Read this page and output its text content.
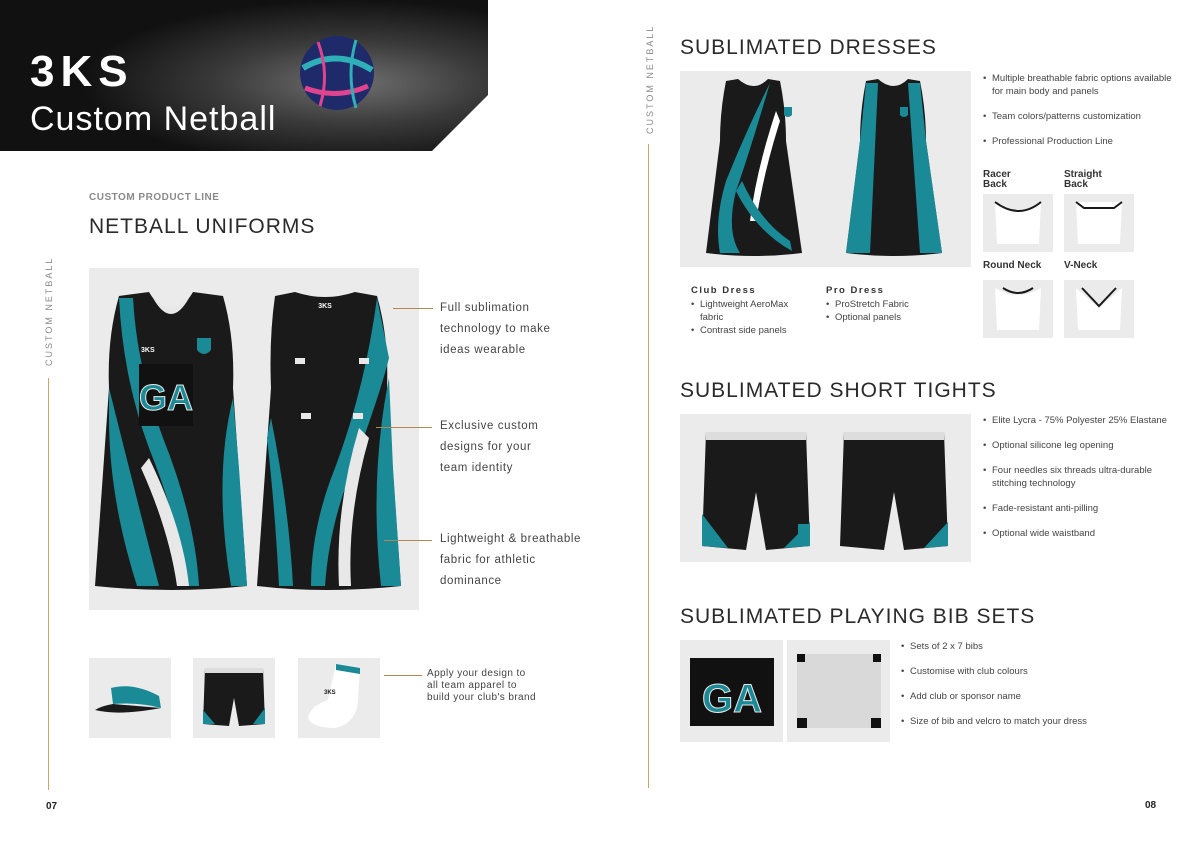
3KS
Custom Netball
CUSTOM NETBALL
CUSTOM PRODUCT LINE
NETBALL UNIFORMS
GA
3KS
3KS	Full sublimation
technology to make
ideas wearable
Exclusive custom
designs for your
team identity
Lightweight & breathable
fabric for athletic
dominance
3KS
Apply your design to
all team apparel to
build your club's brand
07
CUSTOM NETBALL SUBLIMATED DRESSES
• Multiple breathable fabric options available for main body and panels
• Team colors/patterns customization
• Professional Production Line
Club Dress
• Lightweight AeroMax fabric
• Contrast side panels
Pro Dress
• ProStretch Fabric
• Optional panels
Racer Back
Straight Back
Round Neck V-Neck
SUBLIMATED SHORT TIGHTS
• Elite Lycra - 75% Polyester 25% Elastane
• Optional silicone leg opening
• Four needles six threads ultra-durable stitching technology
• Fade-resistant anti-pilling
• Optional wide waistband
SUBLIMATED PLAYING BIB SETS
GA
• Sets of 2 x 7 bibs
• Customise with club colours
• Add club or sponsor name
• Size of bib and velcro to match your dress
08
